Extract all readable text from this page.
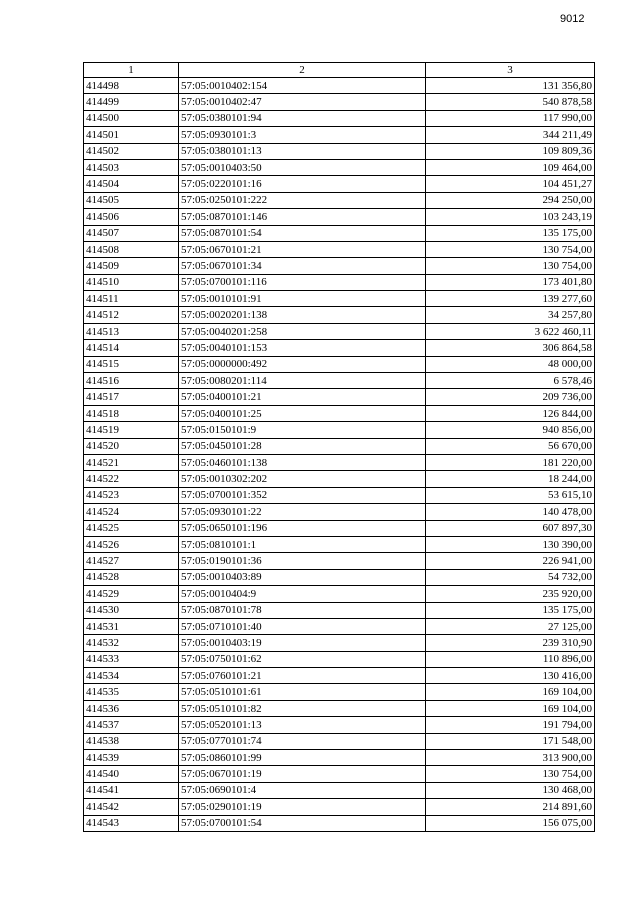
9012
1	2	3
414498	57:05:0010402:154	131 356,80
414499	57:05:0010402:47	540 878,58
414500	57:05:0380101:94	117 990,00
414501	57:05:0930101:3	344 211,49
414502	57:05:0380101:13	109 809,36
414503	57:05:0010403:50	109 464,00
414504	57:05:0220101:16	104 451,27
414505	57:05:0250101:222	294 250,00
414506	57:05:0870101:146	103 243,19
414507	57:05:0870101:54	135 175,00
414508	57:05:0670101:21	130 754,00
414509	57:05:0670101:34	130 754,00
414510	57:05:0700101:116	173 401,80
414511	57:05:0010101:91	139 277,60
414512	57:05:0020201:138	34 257,80
414513	57:05:0040201:258	3 622 460,11
414514	57:05:0040101:153	306 864,58
414515	57:05:0000000:492	48 000,00
414516	57:05:0080201:114	6 578,46
414517	57:05:0400101:21	209 736,00
414518	57:05:0400101:25	126 844,00
414519	57:05:0150101:9	940 856,00
414520	57:05:0450101:28	56 670,00
414521	57:05:0460101:138	181 220,00
414522	57:05:0010302:202	18 244,00
414523	57:05:0700101:352	53 615,10
414524	57:05:0930101:22	140 478,00
414525	57:05:0650101:196	607 897,30
414526	57:05:0810101:1	130 390,00
414527	57:05:0190101:36	226 941,00
414528	57:05:0010403:89	54 732,00
414529	57:05:0010404:9	235 920,00
414530	57:05:0870101:78	135 175,00
414531	57:05:0710101:40	27 125,00
414532	57:05:0010403:19	239 310,90
414533	57:05:0750101:62	110 896,00
414534	57:05:0760101:21	130 416,00
414535	57:05:0510101:61	169 104,00
414536	57:05:0510101:82	169 104,00
414537	57:05:0520101:13	191 794,00
414538	57:05:0770101:74	171 548,00
414539	57:05:0860101:99	313 900,00
414540	57:05:0670101:19	130 754,00
414541	57:05:0690101:4	130 468,00
414542	57:05:0290101:19	214 891,60
414543	57:05:0700101:54	156 075,00
